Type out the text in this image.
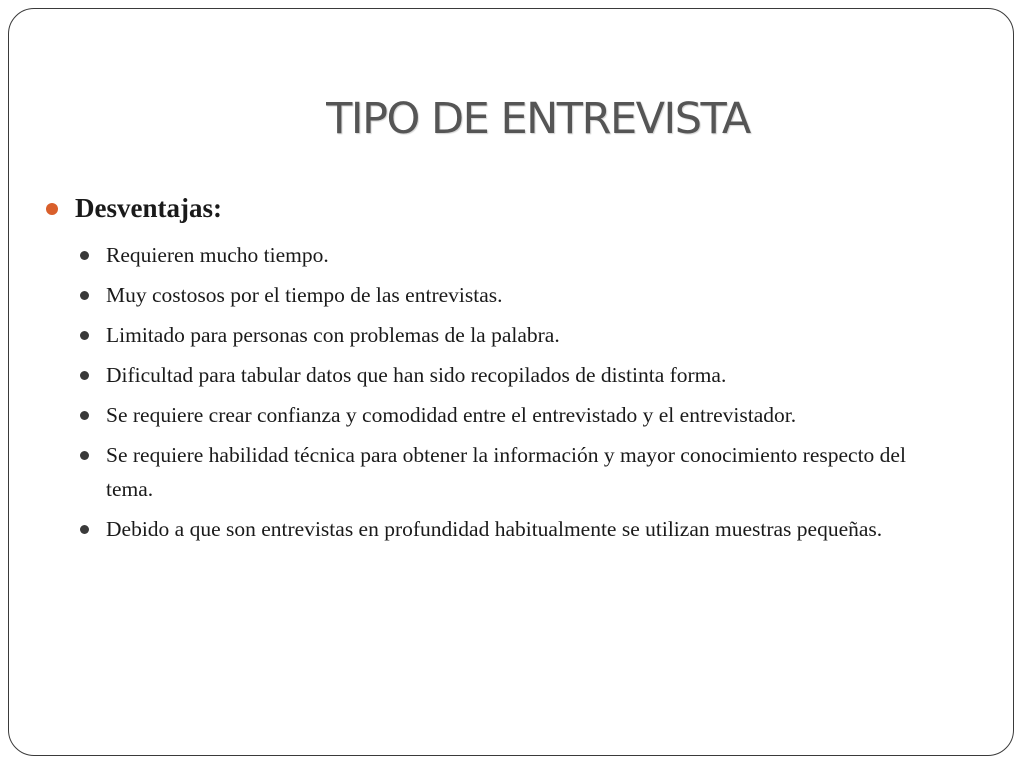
TIPO DE ENTREVISTA
Desventajas:
Requieren mucho tiempo.
Muy costosos por el tiempo de las entrevistas.
Limitado para personas con problemas de la palabra.
Dificultad para tabular datos que han sido recopilados de distinta forma.
Se requiere crear confianza y comodidad entre el entrevistado y el entrevistador.
Se requiere habilidad técnica para obtener la información y mayor conocimiento respecto del tema.
Debido a que son entrevistas en profundidad habitualmente se utilizan muestras pequeñas.
